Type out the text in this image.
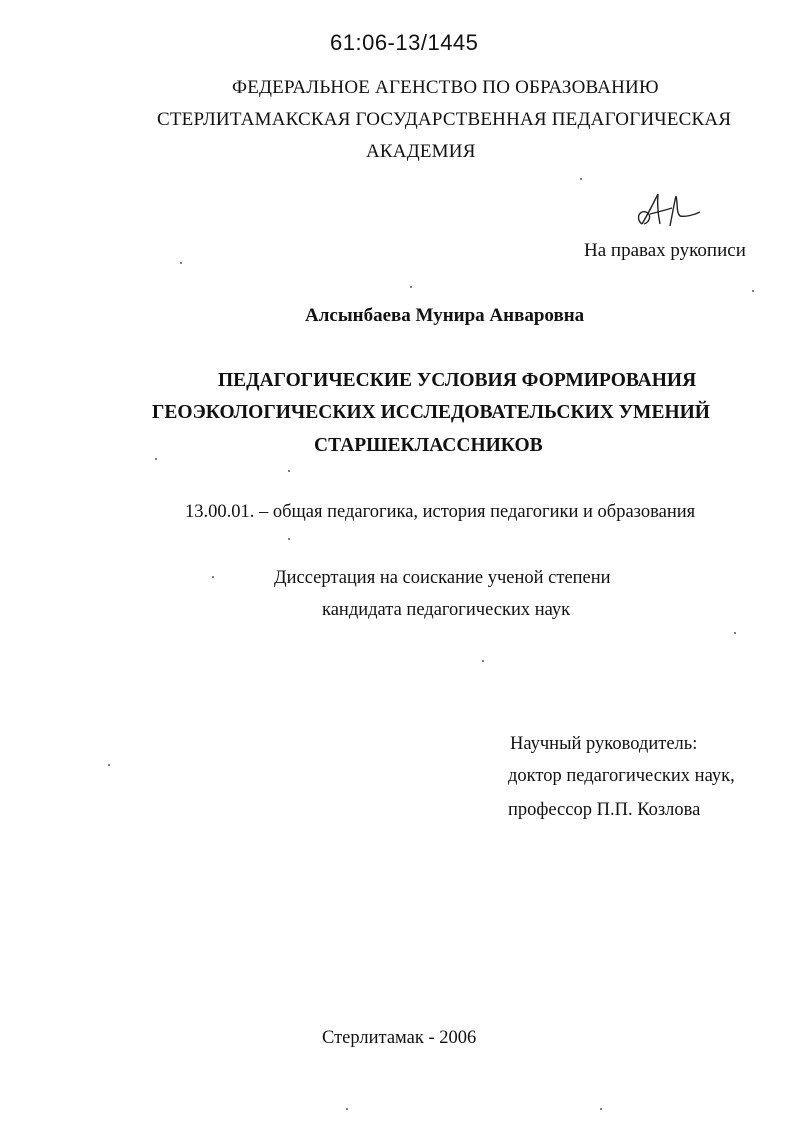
61:06-13/1445
ФЕДЕРАЛЬНОЕ АГЕНСТВО ПО ОБРАЗОВАНИЮ
СТЕРЛИТАМАКСКАЯ ГОСУДАРСТВЕННАЯ ПЕДАГОГИЧЕСКАЯ
АКАДЕМИЯ
На правах рукописи
Алсынбаева Мунира Анваровна
ПЕДАГОГИЧЕСКИЕ УСЛОВИЯ ФОРМИРОВАНИЯ
ГЕОЭКОЛОГИЧЕСКИХ ИССЛЕДОВАТЕЛЬСКИХ УМЕНИЙ
СТАРШЕКЛАССНИКОВ
13.00.01. – общая педагогика, история педагогики и образования
Диссертация на соискание ученой степени
кандидата педагогических наук
Научный руководитель:
доктор педагогических наук,
профессор П.П. Козлова
Стерлитамак - 2006
